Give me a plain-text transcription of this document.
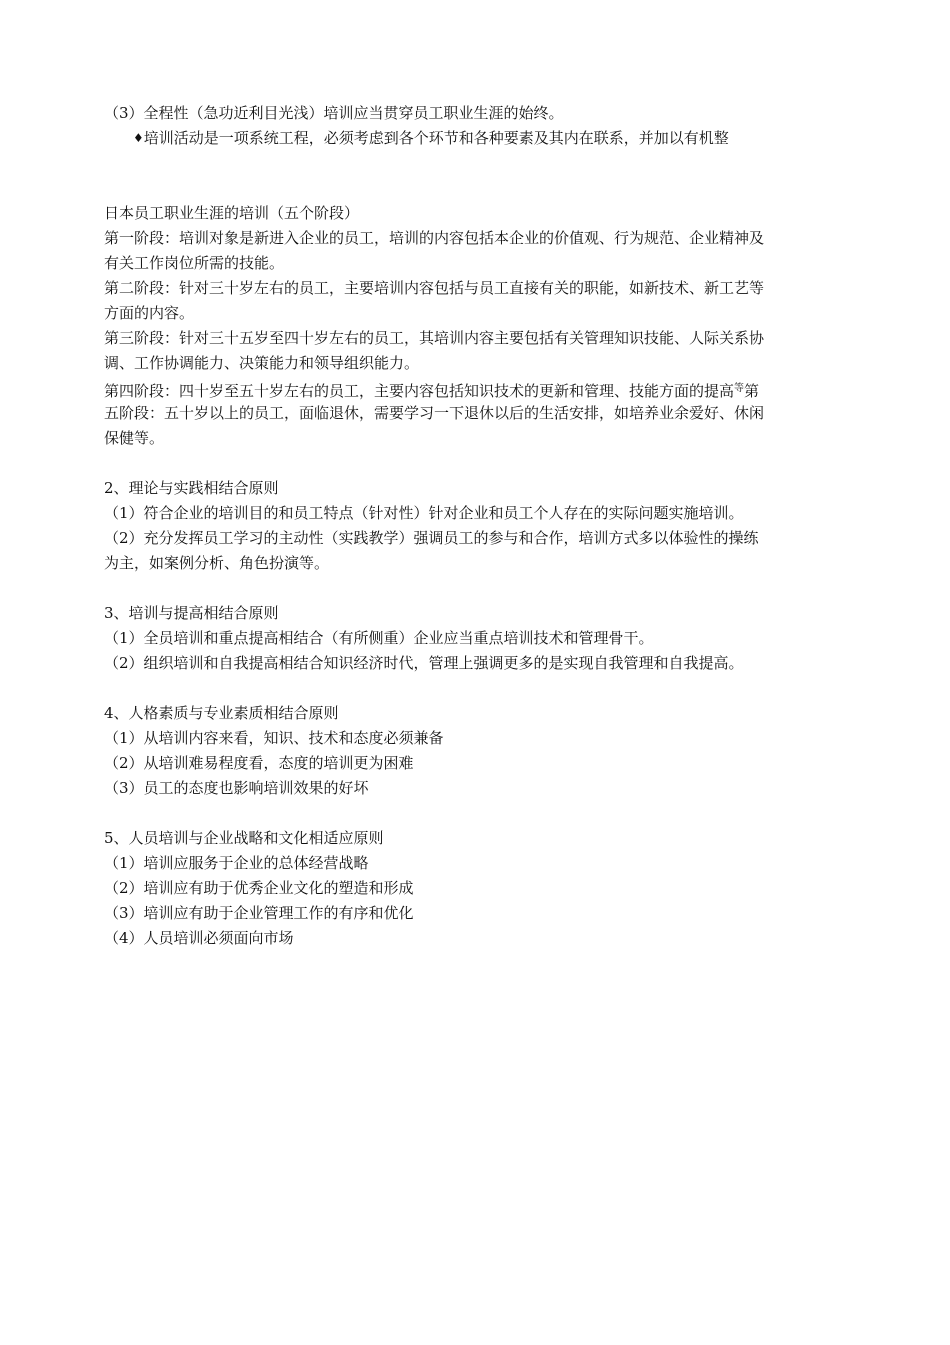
（3）全程性（急功近利目光浅）培训应当贯穿员工职业生涯的始终。
♦培训活动是一项系统工程，必须考虑到各个环节和各种要素及其内在联系，并加以有机整
日本员工职业生涯的培训（五个阶段）
第一阶段：培训对象是新进入企业的员工，培训的内容包括本企业的价值观、行为规范、企业精神及
有关工作岗位所需的技能。
第二阶段：针对三十岁左右的员工，主要培训内容包括与员工直接有关的职能，如新技术、新工艺等
方面的内容。
第三阶段：针对三十五岁至四十岁左右的员工，其培训内容主要包括有关管理知识技能、人际关系协
调、工作协调能力、决策能力和领导组织能力。
第四阶段：四十岁至五十岁左右的员工，主要内容包括知识技术的更新和管理、技能方面的提高$^等$第
五阶段：五十岁以上的员工，面临退休，需要学习一下退休以后的生活安排，如培养业余爱好、休闲
保健等。
2、理论与实践相结合原则
（1）符合企业的培训目的和员工特点（针对性）针对企业和员工个人存在的实际问题实施培训。
（2）充分发挥员工学习的主动性（实践教学）强调员工的参与和合作，培训方式多以体验性的操练
为主，如案例分析、角色扮演等。
3、培训与提高相结合原则
（1）全员培训和重点提高相结合（有所侧重）企业应当重点培训技术和管理骨干。
（2）组织培训和自我提高相结合知识经济时代，管理上强调更多的是实现自我管理和自我提高。
4、人格素质与专业素质相结合原则
（1）从培训内容来看，知识、技术和态度必须兼备
（2）从培训难易程度看，态度的培训更为困难
（3）员工的态度也影响培训效果的好坏
5、人员培训与企业战略和文化相适应原则
（1）培训应服务于企业的总体经营战略
（2）培训应有助于优秀企业文化的塑造和形成
（3）培训应有助于企业管理工作的有序和优化
（4）人员培训必须面向市场
